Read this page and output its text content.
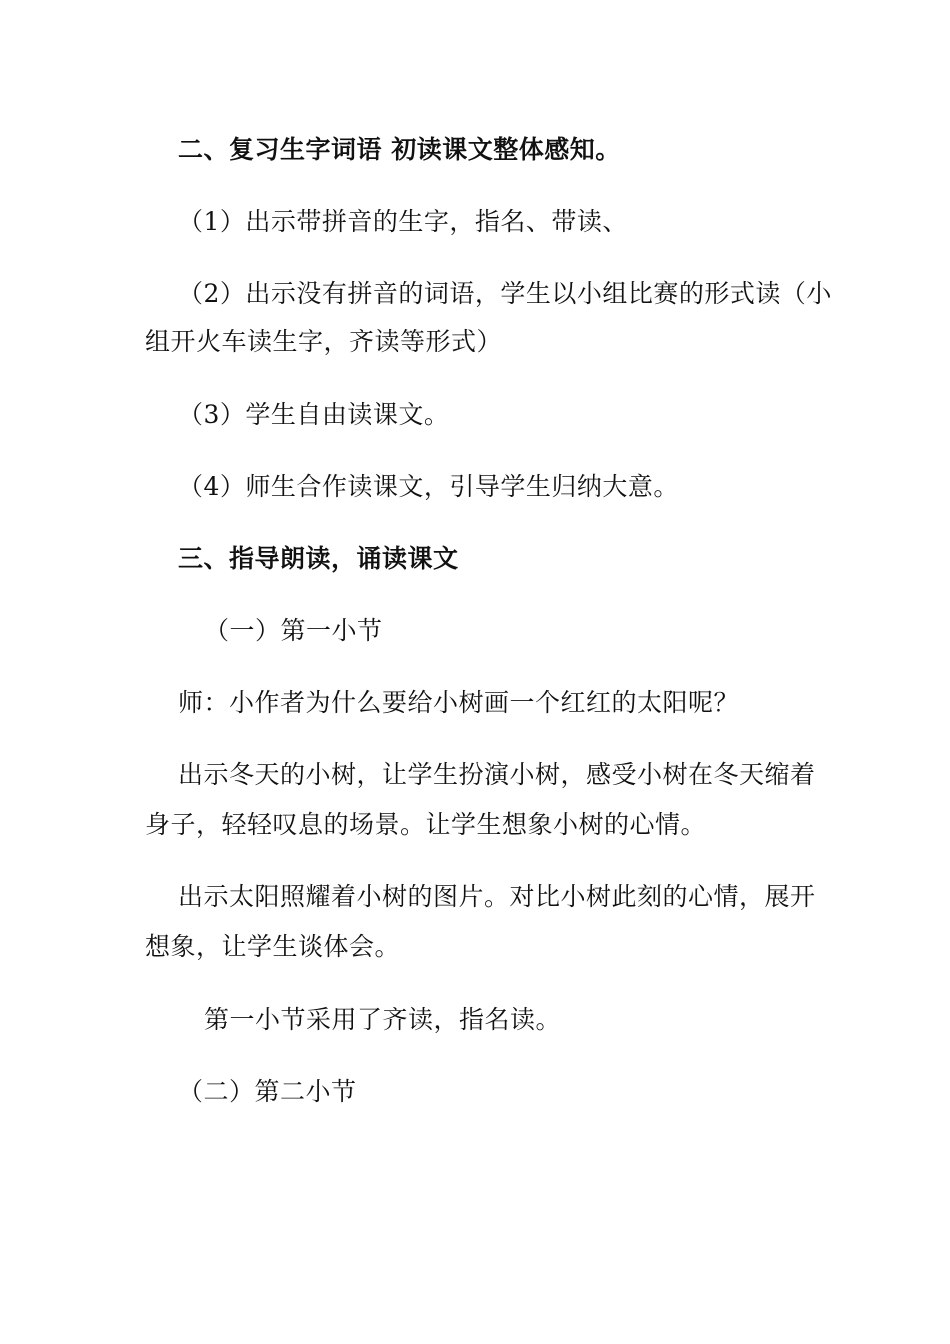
二、复习生字词语 初读课文整体感知。
（1）出示带拼音的生字，指名、带读、
（2）出示没有拼音的词语，学生以小组比赛的形式读（小
组开火车读生字，齐读等形式）
（3）学生自由读课文。
（4）师生合作读课文，引导学生归纳大意。
三、指导朗读，诵读课文
（一）第一小节
师：小作者为什么要给小树画一个红红的太阳呢？
出示冬天的小树，让学生扮演小树，感受小树在冬天缩着
身子，轻轻叹息的场景。让学生想象小树的心情。
出示太阳照耀着小树的图片。对比小树此刻的心情，展开
想象，让学生谈体会。
第一小节采用了齐读，指名读。
（二）第二小节
